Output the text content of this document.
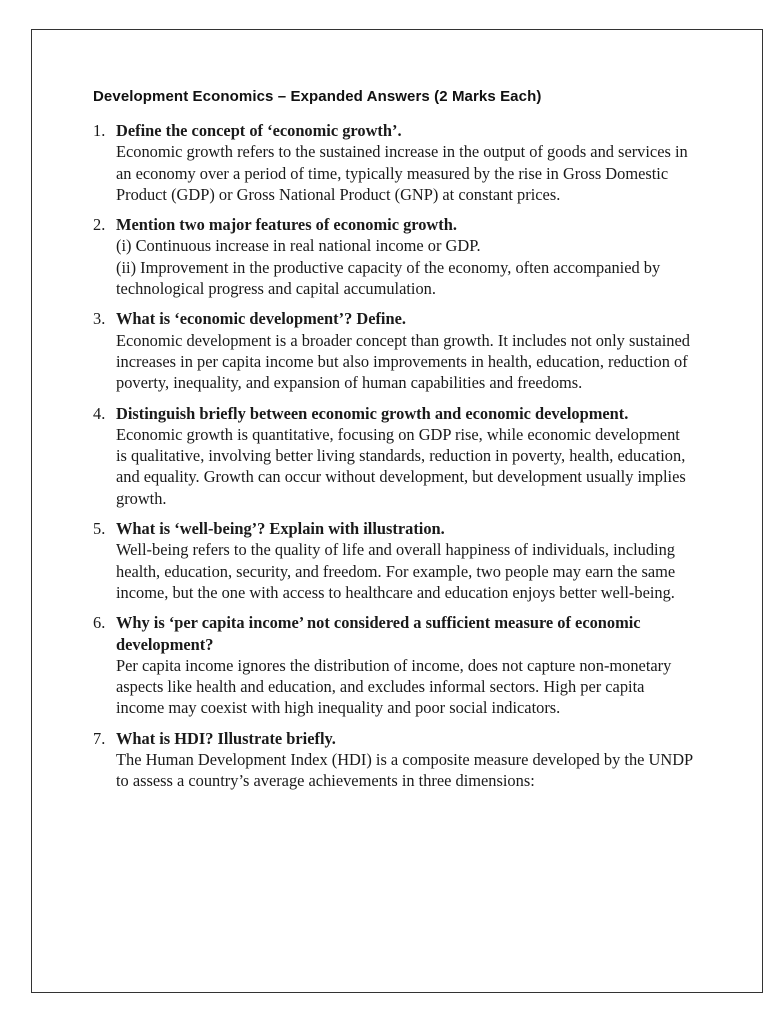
Development Economics – Expanded Answers (2 Marks Each)
1. Define the concept of ‘economic growth’.
Economic growth refers to the sustained increase in the output of goods and services in an economy over a period of time, typically measured by the rise in Gross Domestic Product (GDP) or Gross National Product (GNP) at constant prices.
2. Mention two major features of economic growth.
(i) Continuous increase in real national income or GDP.
(ii) Improvement in the productive capacity of the economy, often accompanied by technological progress and capital accumulation.
3. What is ‘economic development’? Define.
Economic development is a broader concept than growth. It includes not only sustained increases in per capita income but also improvements in health, education, reduction of poverty, inequality, and expansion of human capabilities and freedoms.
4. Distinguish briefly between economic growth and economic development.
Economic growth is quantitative, focusing on GDP rise, while economic development is qualitative, involving better living standards, reduction in poverty, health, education, and equality. Growth can occur without development, but development usually implies growth.
5. What is ‘well-being’? Explain with illustration.
Well-being refers to the quality of life and overall happiness of individuals, including health, education, security, and freedom. For example, two people may earn the same income, but the one with access to healthcare and education enjoys better well-being.
6. Why is ‘per capita income’ not considered a sufficient measure of economic development?
Per capita income ignores the distribution of income, does not capture non-monetary aspects like health and education, and excludes informal sectors. High per capita income may coexist with high inequality and poor social indicators.
7. What is HDI? Illustrate briefly.
The Human Development Index (HDI) is a composite measure developed by the UNDP to assess a country’s average achievements in three dimensions:
